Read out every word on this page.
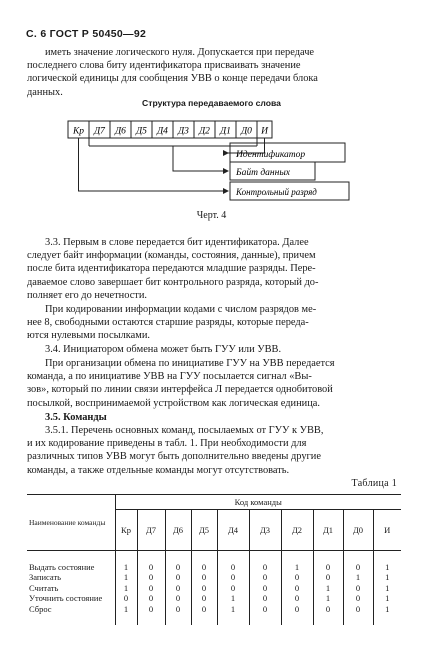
С. 6 ГОСТ Р 50450—92
иметь значение логического нуля. Допускается при передаче
последнего слова биту идентификатора присваивать значение
логической единицы для сообщения УВВ о конце передачи блока
данных.
Структура передаваемого слова
Кр Д7 Д6 Д5 Д4 Д3 Д2 Д1 Д0 И
Идентификатор
Байт данных
Контрольный разряд
Черт. 4
3.3. Первым в слове передается бит идентификатора. Далее
следует байт информации (команды, состояния, данные), причем
после бита идентификатора передаются младшие разряды. Пере-
даваемое слово завершает бит контрольного разряда, который до-
полняет его до нечетности.
При кодировании информации кодами с числом разрядов ме-
нее 8, свободными остаются старшие разряды, которые переда-
ются нулевыми посылками.
3.4. Инициатором обмена может быть ГУУ или УВВ.
При организации обмена по инициативе ГУУ на УВВ передается
команда, а по инициативе УВВ на ГУУ посылается сигнал «Вы-
зов», который по линии связи интерфейса Л передается однобитовой
посылкой, воспринимаемой устройством как логическая единица.
3.5. Команды
3.5.1. Перечень основных команд, посылаемых от ГУУ к УВВ,
и их кодирование приведены в табл. 1. При необходимости для
различных типов УВВ могут быть дополнительно введены другие
команды, а также отдельные команды могут отсутствовать.
Таблица 1
Наименование команды	Код команды									
	Кр	Д7	Д6	Д5	Д4	Д3	Д2	Д1	Д0	И

Выдать состояние	1	0	0	0	0	0	1	0	0	1
Записать	1	0	0	0	0	0	0	0	1	1
Считать	1	0	0	0	0	0	0	1	0	1
Уточнить состояние	0	0	0	0	1	0	0	1	0	1
Сброс	1	0	0	0	1	0	0	0	0	1
